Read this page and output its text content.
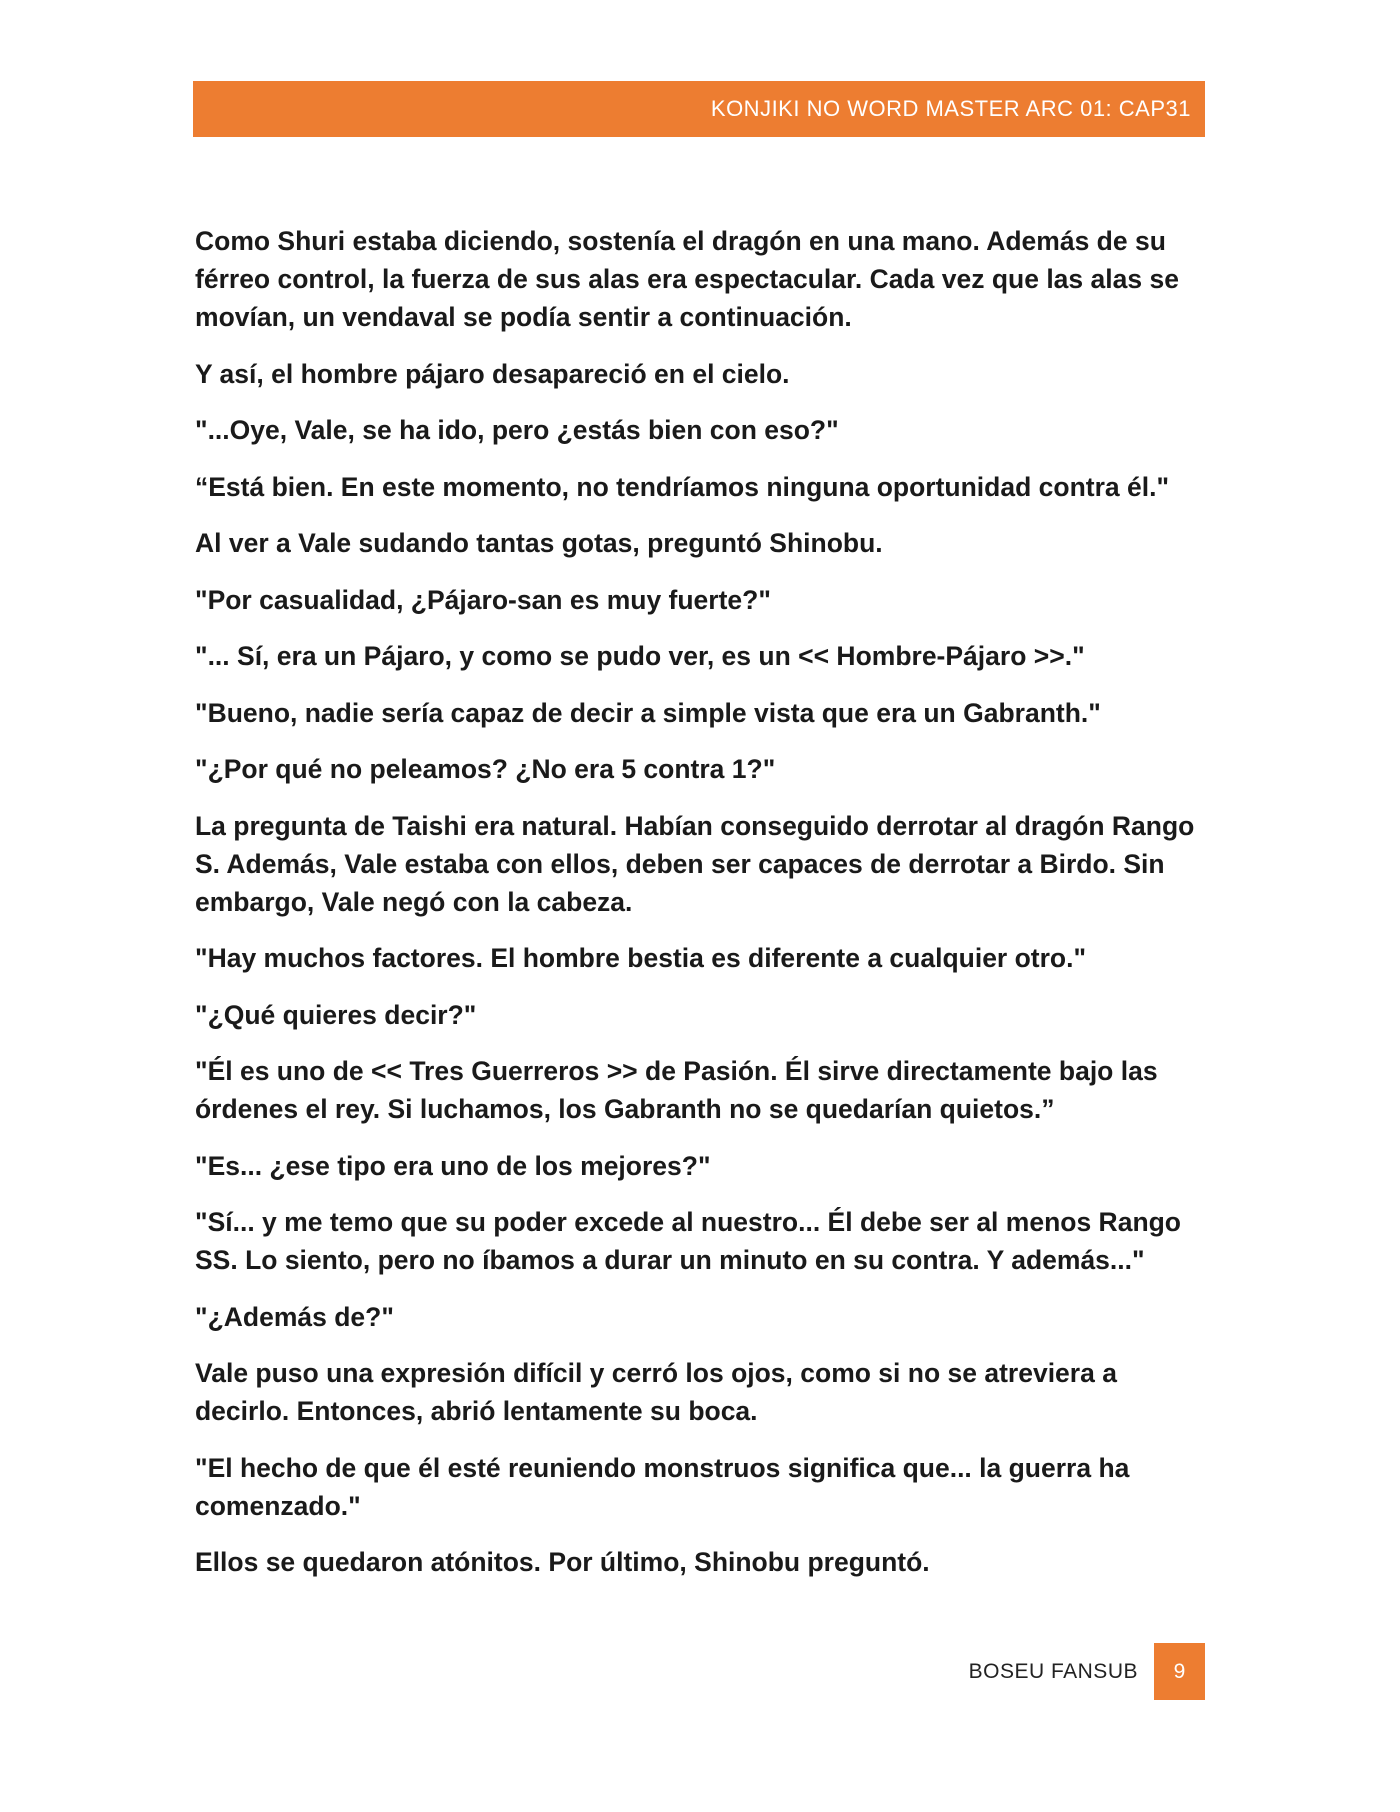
KONJIKI NO WORD MASTER ARC 01: CAP31

Como Shuri estaba diciendo, sostenía el dragón en una mano. Además de su férreo control, la fuerza de sus alas era espectacular. Cada vez que las alas se movían, un vendaval se podía sentir a continuación.

Y así, el hombre pájaro desapareció en el cielo.

"...Oye, Vale, se ha ido, pero ¿estás bien con eso?"

“Está bien. En este momento, no tendríamos ninguna oportunidad contra él."

Al ver a Vale sudando tantas gotas, preguntó Shinobu.

"Por casualidad, ¿Pájaro-san es muy fuerte?"

"... Sí, era un Pájaro, y como se pudo ver, es un << Hombre-Pájaro >>."

"Bueno, nadie sería capaz de decir a simple vista que era un Gabranth."

"¿Por qué no peleamos? ¿No era 5 contra 1?"

La pregunta de Taishi era natural. Habían conseguido derrotar al dragón Rango S. Además, Vale estaba con ellos, deben ser capaces de derrotar a Birdo. Sin embargo, Vale negó con la cabeza.

"Hay muchos factores. El hombre bestia es diferente a cualquier otro."

"¿Qué quieres decir?"

"Él es uno de << Tres Guerreros >> de Pasión. Él sirve directamente bajo las órdenes el rey. Si luchamos, los Gabranth no se quedarían quietos.”

"Es... ¿ese tipo era uno de los mejores?"

"Sí... y me temo que su poder excede al nuestro... Él debe ser al menos Rango SS. Lo siento, pero no íbamos a durar un minuto en su contra. Y además..."

"¿Además de?"

Vale puso una expresión difícil y cerró los ojos, como si no se atreviera a decirlo. Entonces, abrió lentamente su boca.

"El hecho de que él esté reuniendo monstruos significa que... la guerra ha comenzado."

Ellos se quedaron atónitos. Por último, Shinobu preguntó.

BOSEU FANSUB	9
